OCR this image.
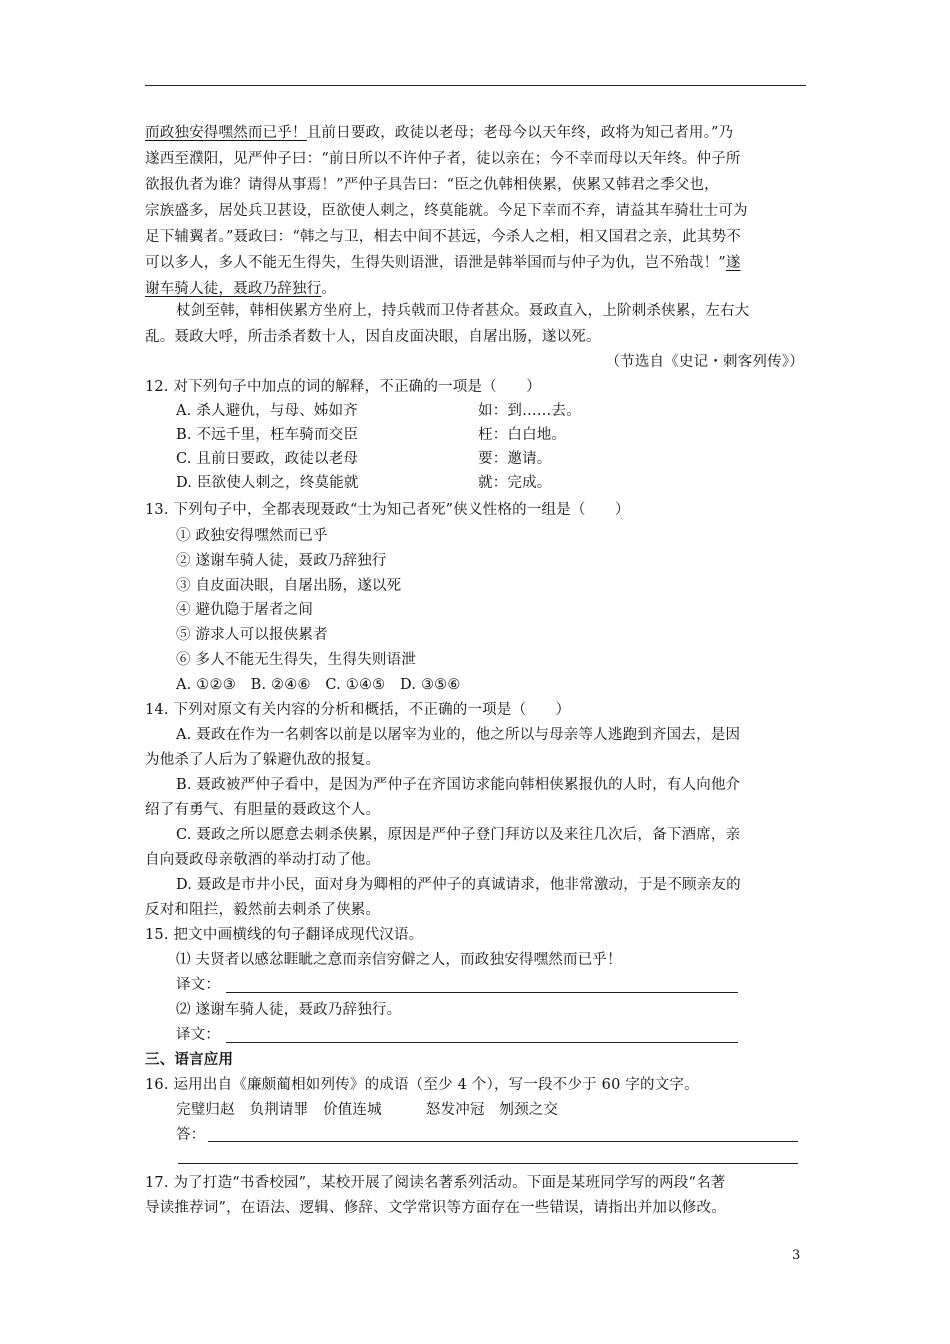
而政独安得嘿然而已乎！且前日要政，政徒以老母；老母今以天年终，政将为知己者用。”乃
遂西至濮阳，见严仲子曰：“前日所以不许仲子者，徒以亲在；今不幸而母以天年终。仲子所
欲报仇者为谁？请得从事焉！”严仲子具告曰：“臣之仇韩相侠累，侠累又韩君之季父也，
宗族盛多，居处兵卫甚设，臣欲使人刺之，终莫能就。今足下幸而不弃，请益其车骑壮士可为
足下辅翼者。”聂政曰：“韩之与卫，相去中间不甚远，今杀人之相，相又国君之亲，此其势不
可以多人，多人不能无生得失，生得失则语泄，语泄是韩举国而与仲子为仇，岂不殆哉！”遂
谢车骑人徒，聂政乃辞独行。
杖剑至韩，韩相侠累方坐府上，持兵戟而卫侍者甚众。聂政直入，上阶刺杀侠累，左右大
乱。聂政大呼，所击杀者数十人，因自皮面决眼，自屠出肠，遂以死。
（节选自《史记・刺客列传》）
12. 对下列句子中加点的词的解释，不正确的一项是（　　）
A. 杀人避仇，与母、姊如齐	如：到……去。
B. 不远千里，枉车骑而交臣	枉：白白地。
C. 且前日要政，政徒以老母	要：邀请。
D. 臣欲使人刺之，终莫能就	就：完成。
13. 下列句子中，全都表现聂政“士为知己者死”侠义性格的一组是（　　）
① 政独安得嘿然而已乎
② 遂谢车骑人徒，聂政乃辞独行
③ 自皮面决眼，自屠出肠，遂以死
④ 避仇隐于屠者之间
⑤ 游求人可以报侠累者
⑥ 多人不能无生得失，生得失则语泄
A. ①②③　B. ②④⑥　C. ①④⑤　D. ③⑤⑥
14. 下列对原文有关内容的分析和概括，不正确的一项是（　　）
A. 聂政在作为一名刺客以前是以屠宰为业的，他之所以与母亲等人逃跑到齐国去，是因
为他杀了人后为了躲避仇敌的报复。
B. 聂政被严仲子看中，是因为严仲子在齐国访求能向韩相侠累报仇的人时，有人向他介
绍了有勇气、有胆量的聂政这个人。
C. 聂政之所以愿意去刺杀侠累，原因是严仲子登门拜访以及来往几次后，备下酒席，亲
自向聂政母亲敬酒的举动打动了他。
D. 聂政是市井小民，面对身为卿相的严仲子的真诚请求，他非常激动，于是不顾亲友的
反对和阻拦，毅然前去刺杀了侠累。
15. 把文中画横线的句子翻译成现代汉语。
⑴ 夫贤者以感忿睚眦之意而亲信穷僻之人，而政独安得嘿然而已乎！
译文：
⑵ 遂谢车骑人徒，聂政乃辞独行。
译文：
三、语言应用
16. 运用出自《廉颇蔺相如列传》的成语（至少 4 个），写一段不少于 60 字的文字。
完璧归赵　负荆请罪　价值连城　　　怒发冲冠　刎颈之交
答：
17. 为了打造“书香校园”，某校开展了阅读名著系列活动。下面是某班同学写的两段“名著
导读推荐词”，在语法、逻辑、修辞、文学常识等方面存在一些错误，请指出并加以修改。
3
